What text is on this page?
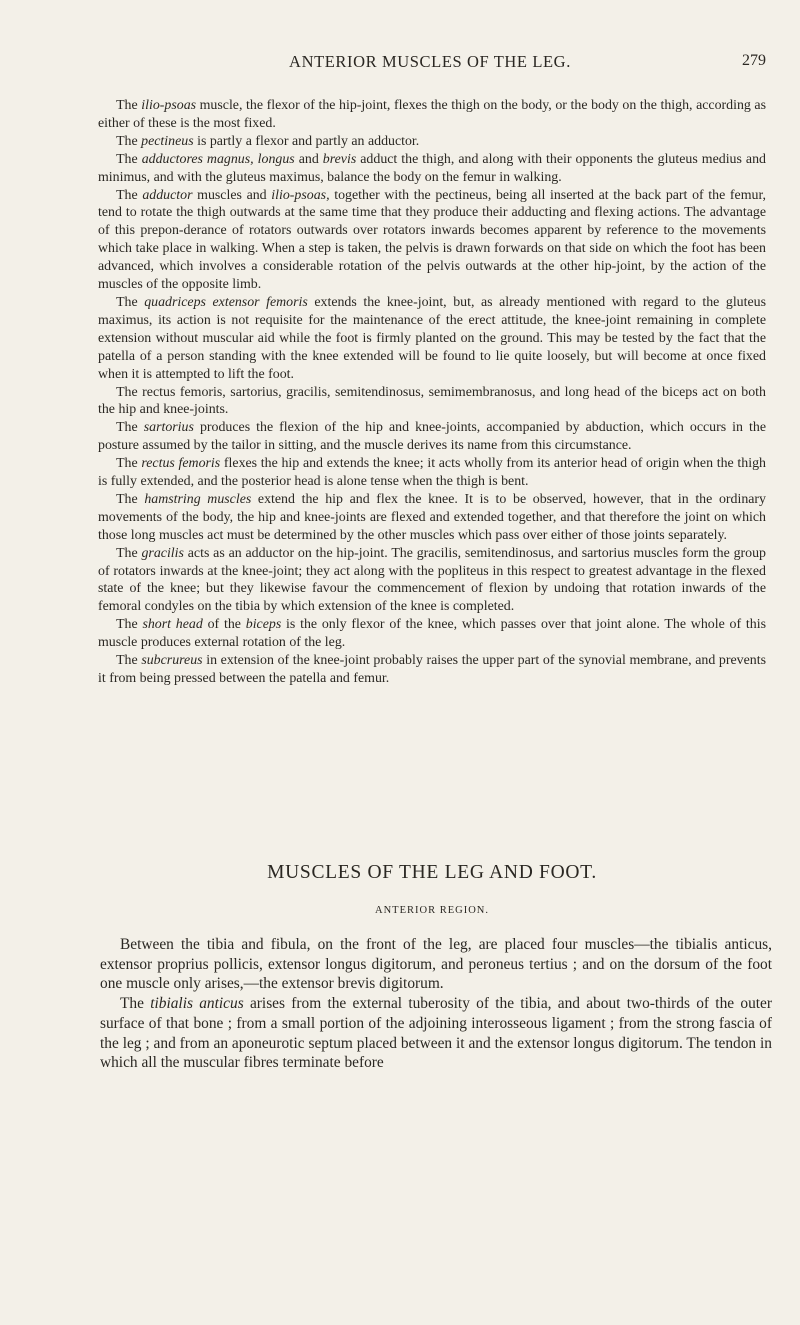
ANTERIOR MUSCLES OF THE LEG.	279

The ilio-psoas muscle, the flexor of the hip-joint, flexes the thigh on the body, or the body on the thigh, according as either of these is the most fixed.

The pectineus is partly a flexor and partly an adductor.

The adductores magnus, longus and brevis adduct the thigh, and along with their opponents the gluteus medius and minimus, and with the gluteus maximus, balance the body on the femur in walking.

The adductor muscles and ilio-psoas, together with the pectineus, being all inserted at the back part of the femur, tend to rotate the thigh outwards at the same time that they produce their adducting and flexing actions. The advantage of this prepon-derance of rotators outwards over rotators inwards becomes apparent by reference to the movements which take place in walking. When a step is taken, the pelvis is drawn forwards on that side on which the foot has been advanced, which involves a considerable rotation of the pelvis outwards at the other hip-joint, by the action of the muscles of the opposite limb.

The quadriceps extensor femoris extends the knee-joint, but, as already mentioned with regard to the gluteus maximus, its action is not requisite for the maintenance of the erect attitude, the knee-joint remaining in complete extension without muscular aid while the foot is firmly planted on the ground. This may be tested by the fact that the patella of a person standing with the knee extended will be found to lie quite loosely, but will become at once fixed when it is attempted to lift the foot.

The rectus femoris, sartorius, gracilis, semitendinosus, semimembranosus, and long head of the biceps act on both the hip and knee-joints.

The sartorius produces the flexion of the hip and knee-joints, accompanied by abduction, which occurs in the posture assumed by the tailor in sitting, and the muscle derives its name from this circumstance.

The rectus femoris flexes the hip and extends the knee; it acts wholly from its anterior head of origin when the thigh is fully extended, and the posterior head is alone tense when the thigh is bent.

The hamstring muscles extend the hip and flex the knee. It is to be observed, however, that in the ordinary movements of the body, the hip and knee-joints are flexed and extended together, and that therefore the joint on which those long muscles act must be determined by the other muscles which pass over either of those joints separately.

The gracilis acts as an adductor on the hip-joint. The gracilis, semitendinosus, and sartorius muscles form the group of rotators inwards at the knee-joint; they act along with the popliteus in this respect to greatest advantage in the flexed state of the knee; but they likewise favour the commencement of flexion by undoing that rotation inwards of the femoral condyles on the tibia by which extension of the knee is completed.

The short head of the biceps is the only flexor of the knee, which passes over that joint alone. The whole of this muscle produces external rotation of the leg.

The subcrureus in extension of the knee-joint probably raises the upper part of the synovial membrane, and prevents it from being pressed between the patella and femur.

MUSCLES OF THE LEG AND FOOT.
ANTERIOR REGION.

Between the tibia and fibula, on the front of the leg, are placed four muscles—the tibialis anticus, extensor proprius pollicis, extensor longus digitorum, and peroneus tertius ; and on the dorsum of the foot one muscle only arises,—the extensor brevis digitorum.

The tibialis anticus arises from the external tuberosity of the tibia, and about two-thirds of the outer surface of that bone ; from a small portion of the adjoining interosseous ligament ; from the strong fascia of the leg ; and from an aponeurotic septum placed between it and the extensor longus digitorum. The tendon in which all the muscular fibres terminate before
